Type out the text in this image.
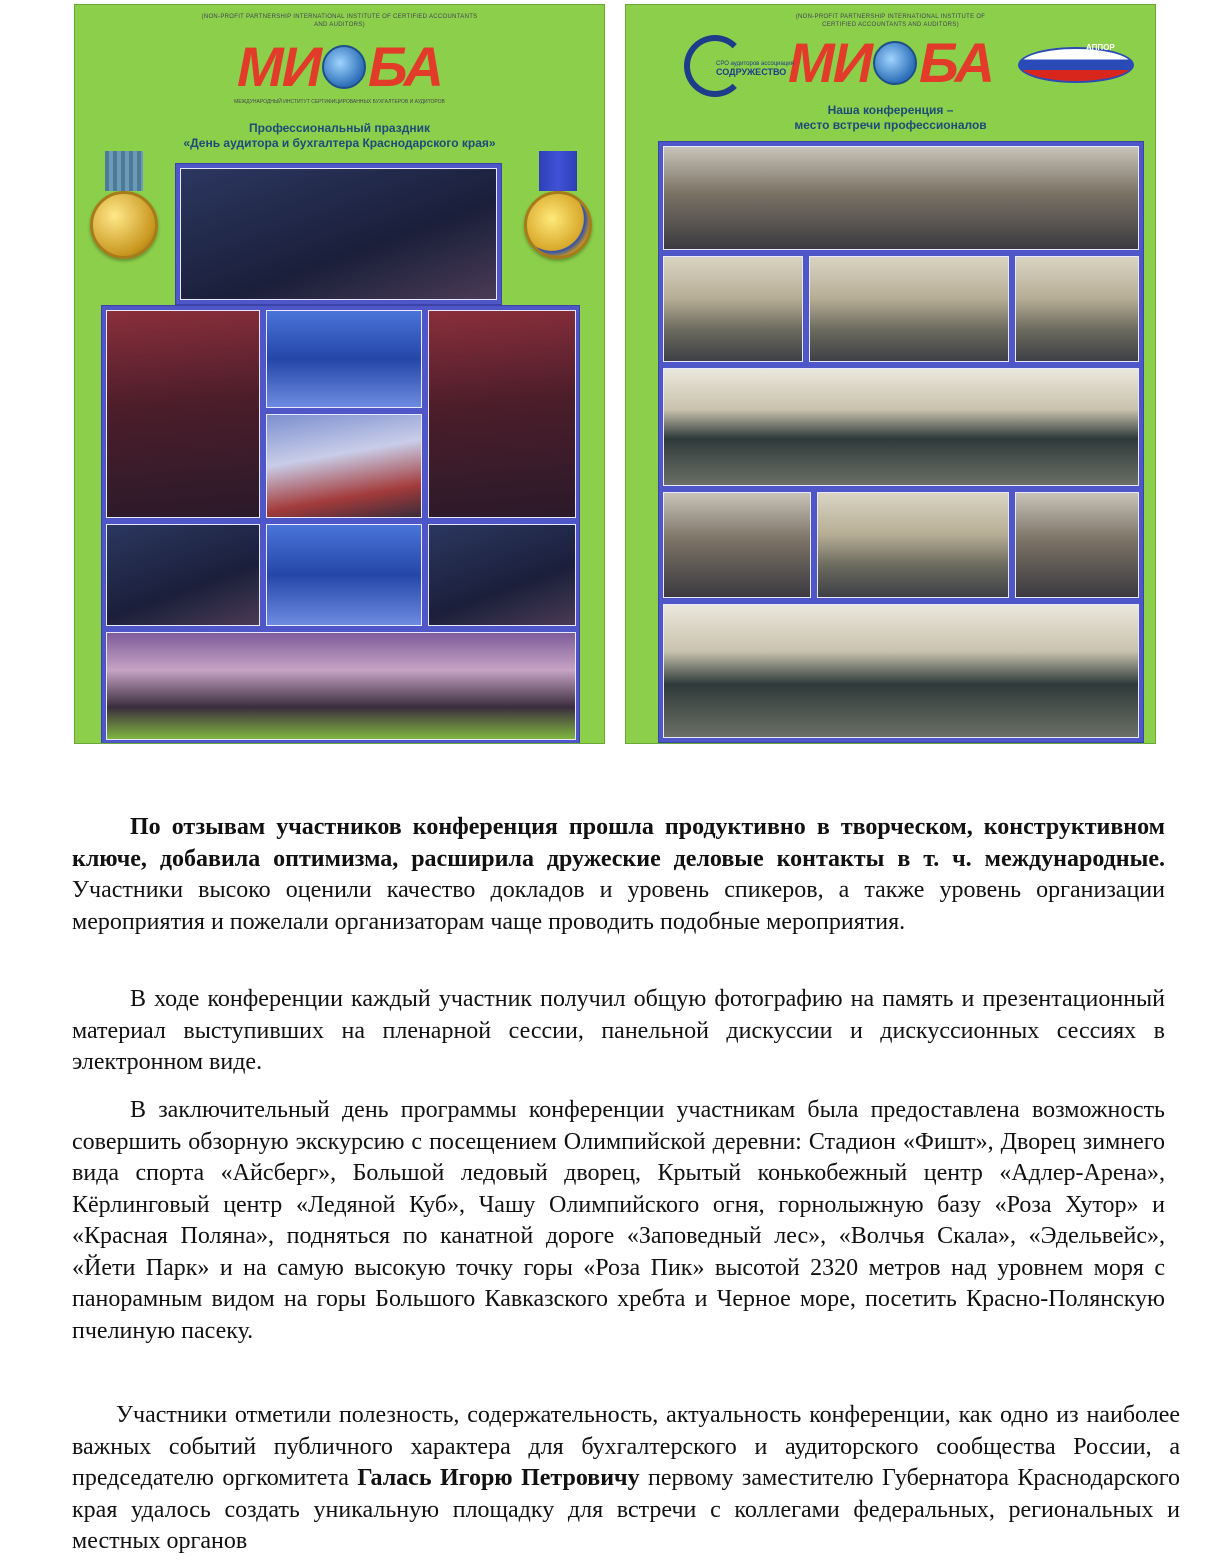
(NON-PROFIT PARTNERSHIP INTERNATIONAL INSTITUTE OF CERTIFIED ACCOUNTANTS AND AUDITORS)
МИ БА
МЕЖДУНАРОДНЫЙ ИНСТИТУТ СЕРТИФИЦИРОВАННЫХ БУХГАЛТЕРОВ И АУДИТОРОВ
Профессиональный праздник
«День аудитора и бухгалтера Краснодарского края»
(NON-PROFIT PARTNERSHIP INTERNATIONAL INSTITUTE OF CERTIFIED ACCOUNTANTS AND AUDITORS)
МИ БА
СРО аудиторов ассоциация
СОДРУЖЕСТВО
АППОР
Наша конференция –
место встречи профессионалов

По отзывам участников конференция прошла продуктивно в творческом, конструктивном ключе, добавила оптимизма, расширила дружеские деловые контакты в т. ч. международные. Участники высоко оценили качество докладов и уровень спикеров, а также уровень организации мероприятия и пожелали организаторам чаще проводить подобные мероприятия.

В ходе конференции каждый участник получил общую фотографию на память и презентационный материал выступивших на пленарной сессии, панельной дискуссии и дискуссионных сессиях в электронном виде.

В заключительный день программы конференции участникам была предоставлена возможность совершить обзорную экскурсию с посещением Олимпийской деревни: Стадион «Фишт», Дворец зимнего вида спорта «Айсберг», Большой ледовый дворец, Крытый конькобежный центр «Адлер-Арена», Кёрлинговый центр «Ледяной Куб», Чашу Олимпийского огня, горнолыжную базу «Роза Хутор» и «Красная Поляна», подняться по канатной дороге «Заповедный лес», «Волчья Скала», «Эдельвейс», «Йети Парк» и на самую высокую точку горы «Роза Пик» высотой 2320 метров над уровнем моря с панорамным видом на горы Большого Кавказского хребта и Черное море, посетить Красно-Полянскую пчелиную пасеку.

Участники отметили полезность, содержательность, актуальность конференции, как одно из наиболее важных событий публичного характера для бухгалтерского и аудиторского сообщества России, а председателю оргкомитета Галась Игорю Петровичу первому заместителю Губернатора Краснодарского края удалось создать уникальную площадку для встречи с коллегами федеральных, региональных и местных органов
